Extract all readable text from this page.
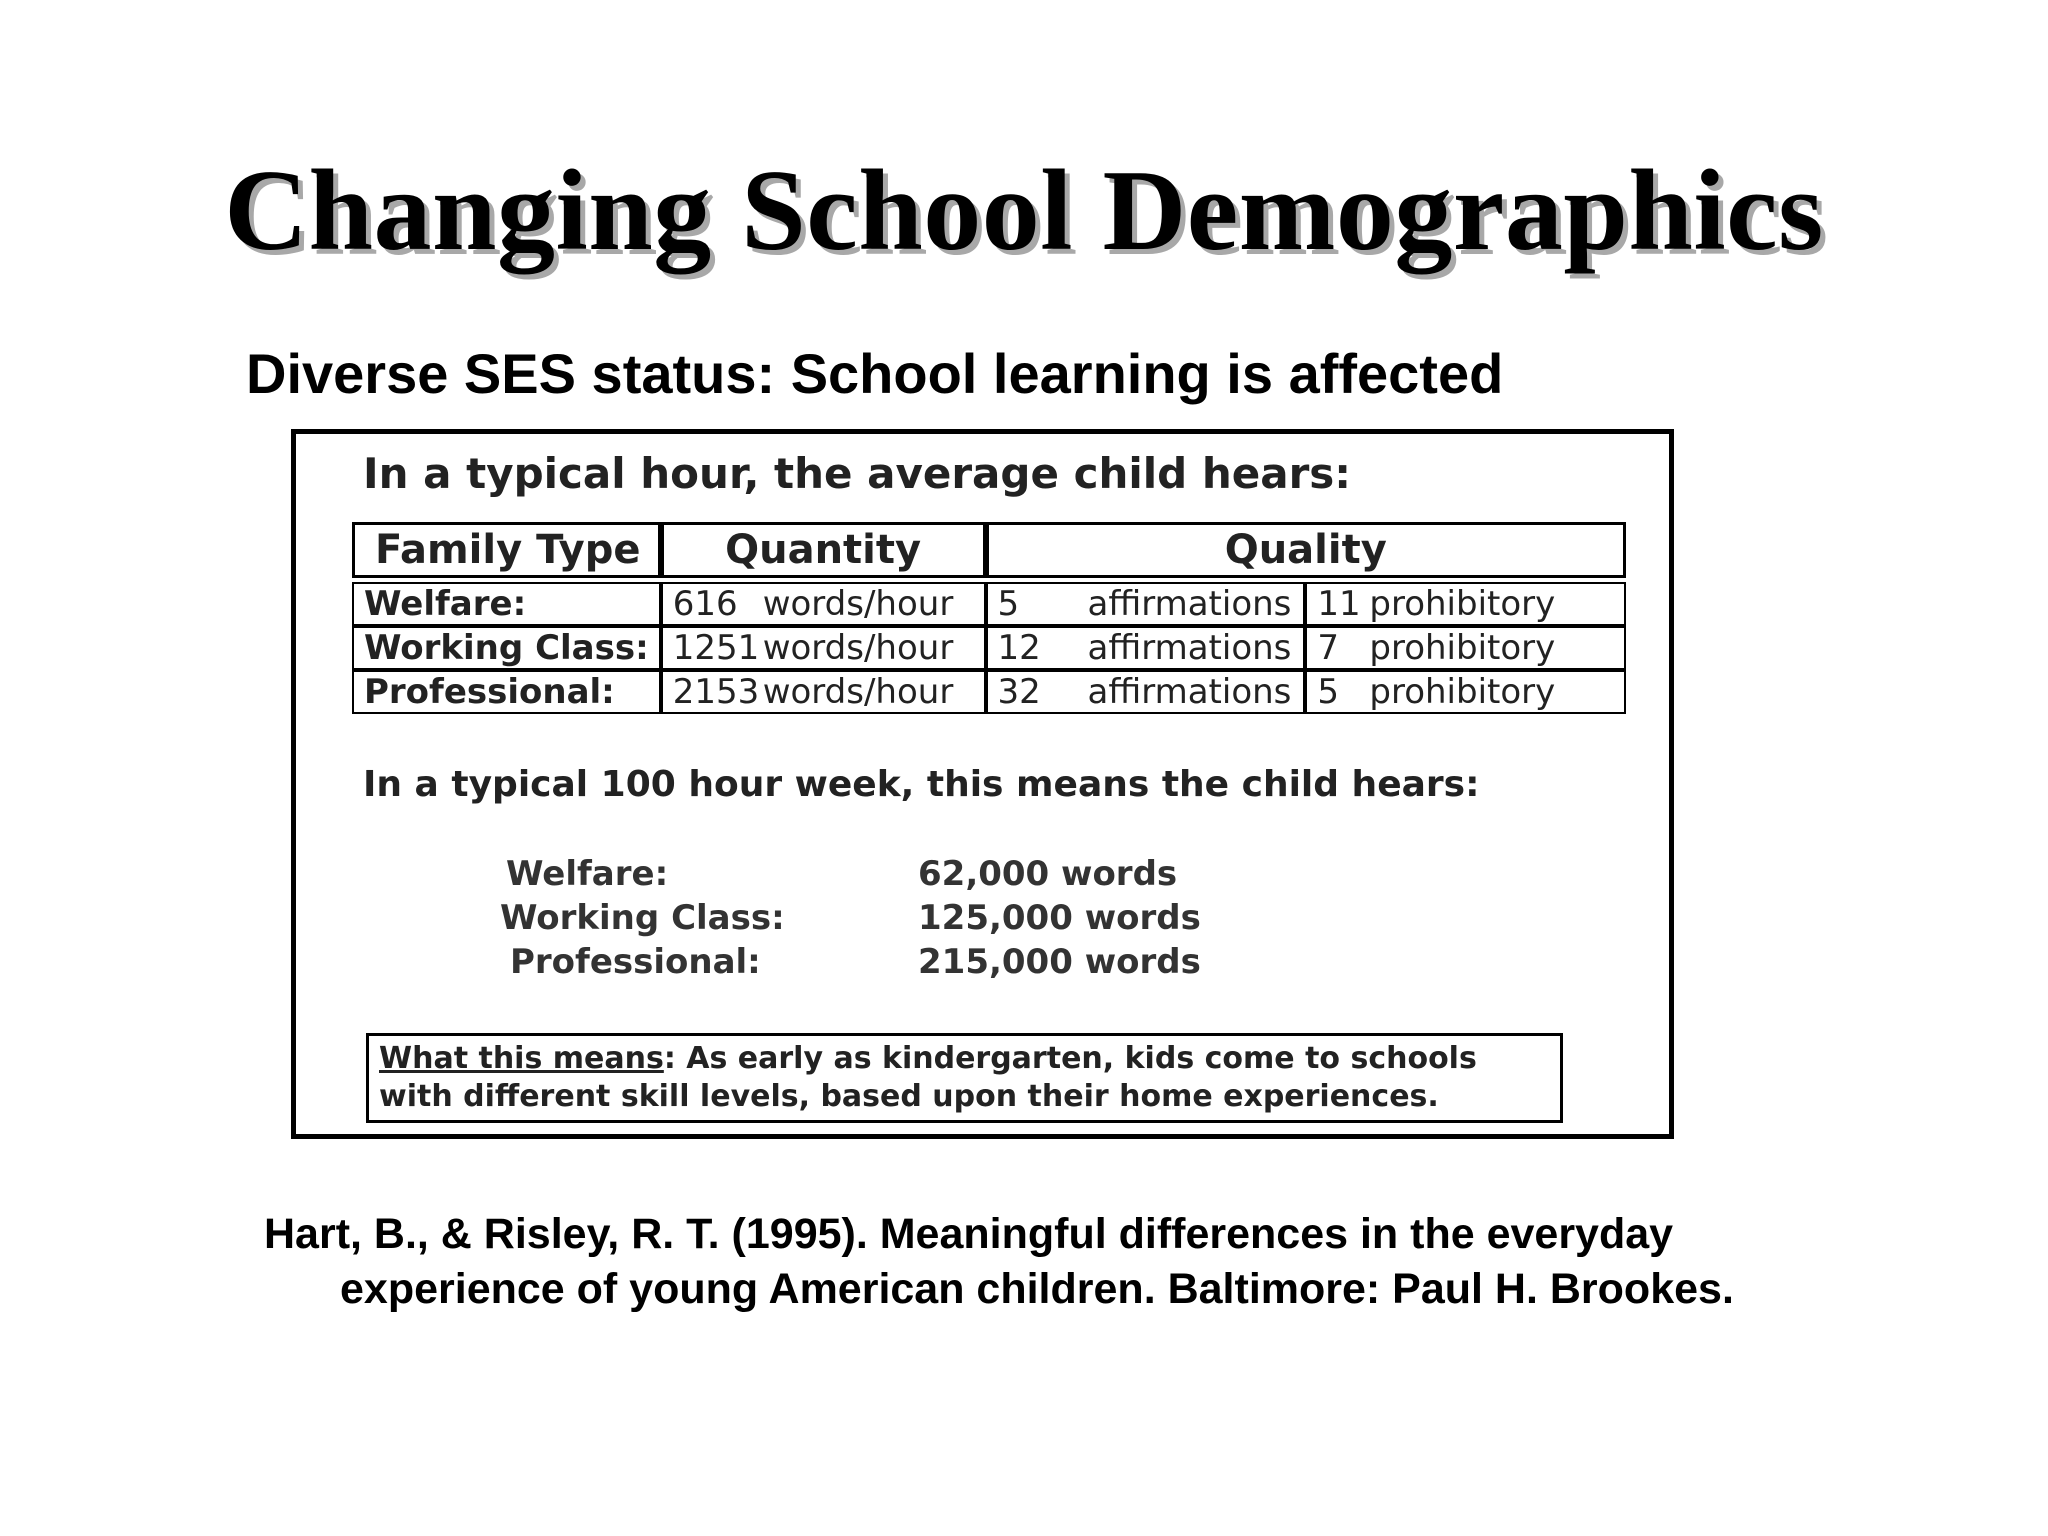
Changing School Demographics
Diverse SES status: School learning is affected
In a typical hour, the average child hears:
Family Type	Quantity	Quality	

Welfare:	616 words/hour	5 affirmations	11 prohibitory
Working Class:	1251 words/hour	12 affirmations	7 prohibitory
Professional:	2153 words/hour	32 affirmations	5 prohibitory
In a typical 100 hour week, this means the child hears:
Welfare:	62,000 words
Working Class:	125,000 words
Professional:	215,000 words
What this means: As early as kindergarten, kids come to schools with different skill levels, based upon their home experiences.
Hart, B., & Risley, R. T. (1995). Meaningful differences in the everyday experience of young American children. Baltimore: Paul H. Brookes.
